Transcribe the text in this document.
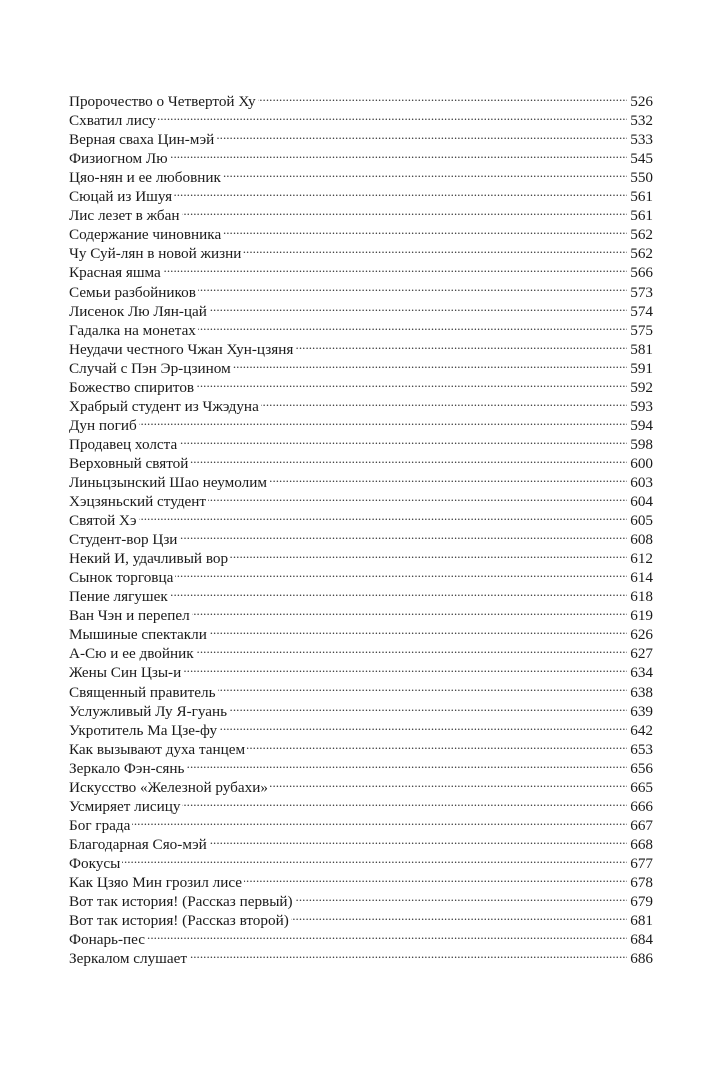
Пророчество о Четвертой Ху . . .	526
Схватил лису . . .	532
Верная сваха Цин-мэй . . .	533
Физиогном Лю . . .	545
Цяо-нян и ее любовник . . .	550
Сюцай из Ишуя . . .	561
Лис лезет в жбан . . .	561
Содержание чиновника . . .	562
Чу Суй-лян в новой жизни . . .	562
Красная яшма . . .	566
Семьи разбойников . . .	573
Лисенок Лю Лян-цай . . .	574
Гадалка на монетах . . .	575
Неудачи честного Чжан Хун-цзяня . . .	581
Случай с Пэн Эр-цзином . . .	591
Божество спиритов . . .	592
Храбрый студент из Чжэдуна . . .	593
Дун погиб . . .	594
Продавец холста . . .	598
Верховный святой . . .	600
Линьцзынский Шао неумолим . . .	603
Хэцзяньский студент . . .	604
Святой Хэ . . .	605
Студент-вор Цзи . . .	608
Некий И, удачливый вор . . .	612
Сынок торговца . . .	614
Пение лягушек . . .	618
Ван Чэн и перепел . . .	619
Мышиные спектакли . . .	626
А-Сю и ее двойник . . .	627
Жены Син Цзы-и . . .	634
Священный правитель . . .	638
Услужливый Лу Я-гуань . . .	639
Укротитель Ма Цзе-фу . . .	642
Как вызывают духа танцем . . .	653
Зеркало Фэн-сянь . . .	656
Искусство «Железной рубахи» . . .	665
Усмиряет лисицу . . .	666
Бог града . . .	667
Благодарная Сяо-мэй . . .	668
Фокусы . . .	677
Как Цзяо Мин грозил лисе . . .	678
Вот так история! (Рассказ первый) . . .	679
Вот так история! (Рассказ второй) . . .	681
Фонарь-пес . . .	684
Зеркалом слушает . . .	686
